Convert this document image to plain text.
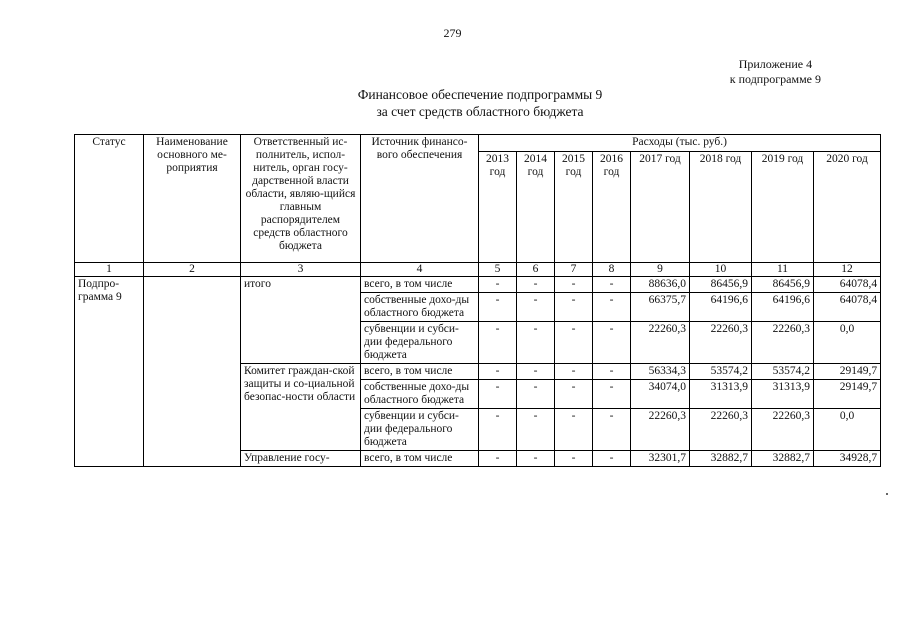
279
Приложение 4
к подпрограмме 9
Финансовое обеспечение подпрограммы 9
за счет средств областного бюджета
Статус	Наименование основного ме-роприятия	Ответственный ис-полнитель, испол-нитель, орган госу-дарственной власти области, являю-щийся главным распорядителем средств областного бюджета	Источник финансо-вого обеспечения	Расходы (тыс. руб.)							
				2013 год	2014 год	2015 год	2016 год	2017 год	2018 год	2019 год	2020 год
1	2	3	4	5	6	7	8	9	10	11	12
Подпро-грамма 9		итого	всего, в том числе	-	-	-	-	88636,0	86456,9	86456,9	64078,4
			собственные дохо-ды областного бюджета	-	-	-	-	66375,7	64196,6	64196,6	64078,4
			субвенции и субси-дии федерального бюджета	-	-	-	-	22260,3	22260,3	22260,3	0,0
		Комитет граждан-ской защиты и со-циальной безопас-ности области	всего, в том числе	-	-	-	-	56334,3	53574,2	53574,2	29149,7
			собственные дохо-ды областного бюджета	-	-	-	-	34074,0	31313,9	31313,9	29149,7
			субвенции и субси-дии федерального бюджета	-	-	-	-	22260,3	22260,3	22260,3	0,0
		Управление госу-	всего, в том числе	-	-	-	-	32301,7	32882,7	32882,7	34928,7
